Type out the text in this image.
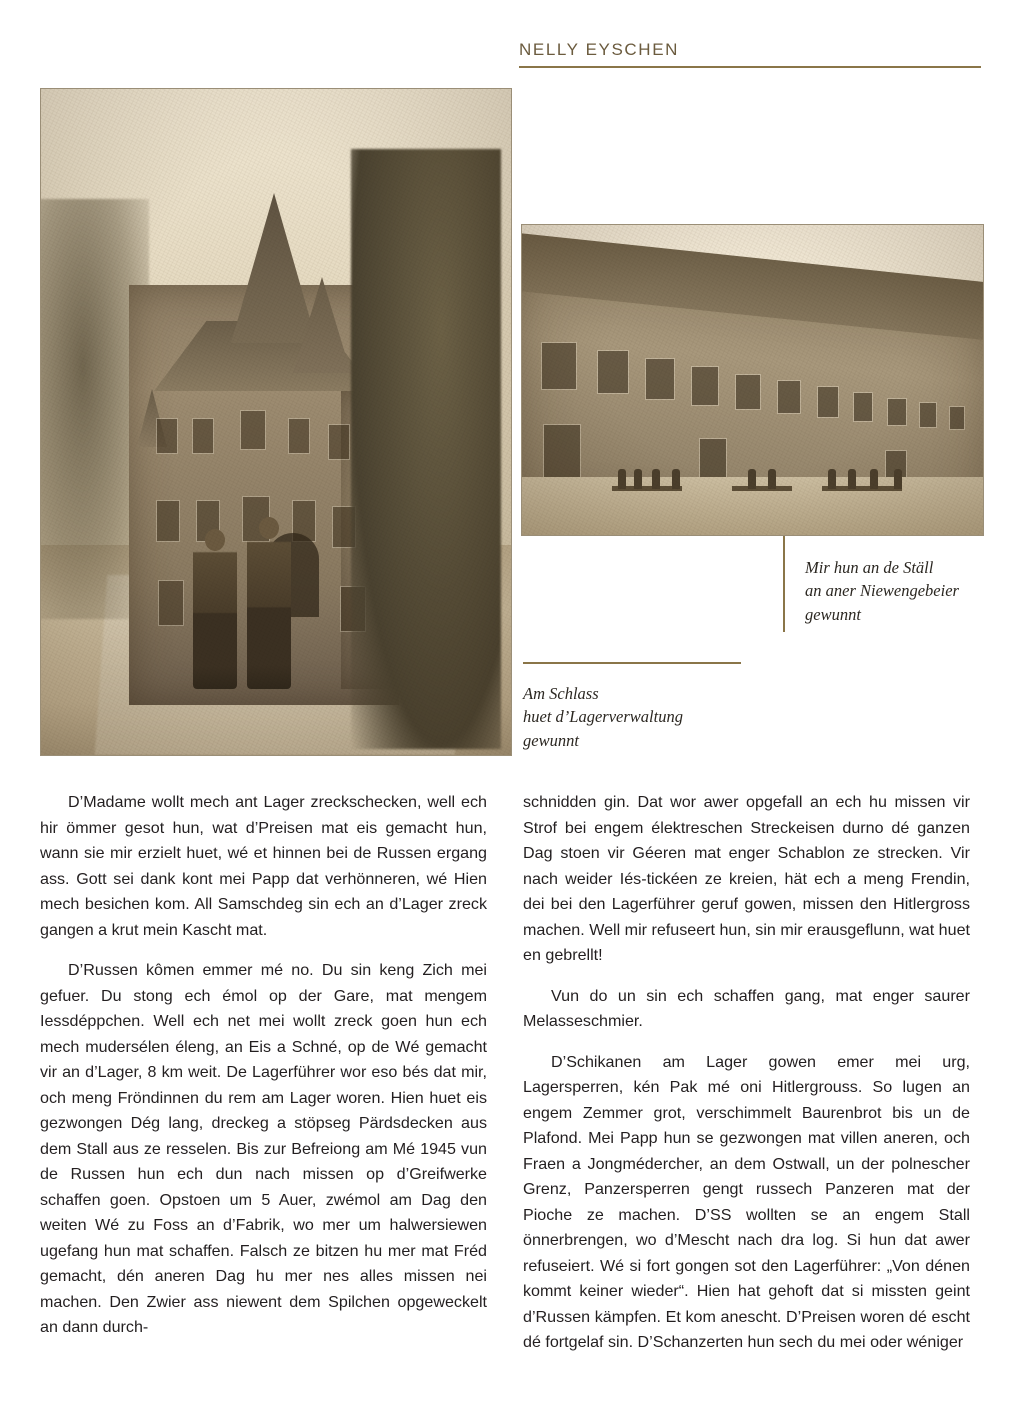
NELLY EYSCHEN
Mir hun an de Ställ
an aner Niewengebeier
gewunnt
Am Schlass
huet d’Lagerverwaltung
gewunnt

D’Madame wollt mech ant Lager zreckschecken, well ech hir ömmer gesot hun, wat d’Preisen mat eis gemacht hun, wann sie mir erzielt huet, wé et hinnen bei de Russen ergang ass. Gott sei dank kont mei Papp dat verhönneren, wé Hien mech besichen kom. All Samschdeg sin ech an d’Lager zreck gangen a krut mein Kascht mat.

D’Russen kômen emmer mé no. Du sin keng Zich mei gefuer. Du stong ech émol op der Gare, mat mengem Iessdéppchen. Well ech net mei wollt zreck goen hun ech mech mudersélen éleng, an Eis a Schné, op de Wé gemacht vir an d’Lager, 8 km weit. De Lagerführer wor eso bés dat mir, och meng Fröndinnen du rem am Lager woren. Hien huet eis gezwongen Dég lang, dreckeg a stöpseg Pärdsdecken aus dem Stall aus ze resselen. Bis zur Befreiong am Mé 1945 vun de Russen hun ech dun nach missen op d’Greifwerke schaffen goen. Opstoen um 5 Auer, zwémol am Dag den weiten Wé zu Foss an d’Fabrik, wo mer um halwersiewen ugefang hun mat schaffen. Falsch ze bitzen hu mer mat Fréd gemacht, dén aneren Dag hu mer nes alles missen nei machen. Den Zwier ass niewent dem Spilchen opgeweckelt an dann durch-

schnidden gin. Dat wor awer opgefall an ech hu missen vir Strof bei engem élektreschen Streckeisen durno dé ganzen Dag stoen vir Géeren mat enger Schablon ze strecken. Vir nach weider Iés-tickéen ze kreien, hät ech a meng Frendin, dei bei den Lagerführer geruf gowen, missen den Hitlergross machen. Well mir refuseert hun, sin mir erausgeflunn, wat huet en gebrellt!

Vun do un sin ech schaffen gang, mat enger saurer Melasseschmier.

D’Schikanen am Lager gowen emer mei urg, Lagersperren, kén Pak mé oni Hitlergrouss. So lugen an engem Zemmer grot, verschimmelt Baurenbrot bis un de Plafond. Mei Papp hun se gezwongen mat villen aneren, och Fraen a Jongmédercher, an dem Ostwall, un der polnescher Grenz, Panzersperren gengt russech Panzeren mat der Pioche ze machen. D’SS wollten se an engem Stall önnerbrengen, wo d’Mescht nach dra log. Si hun dat awer refuseiert. Wé si fort gongen sot den Lagerführer: „Von dénen kommt keiner wieder“. Hien hat gehoft dat si missten geint d’Russen kämpfen. Et kom anescht. D’Preisen woren dé escht dé fortgelaf sin. D’Schanzerten hun sech du mei oder wéniger
